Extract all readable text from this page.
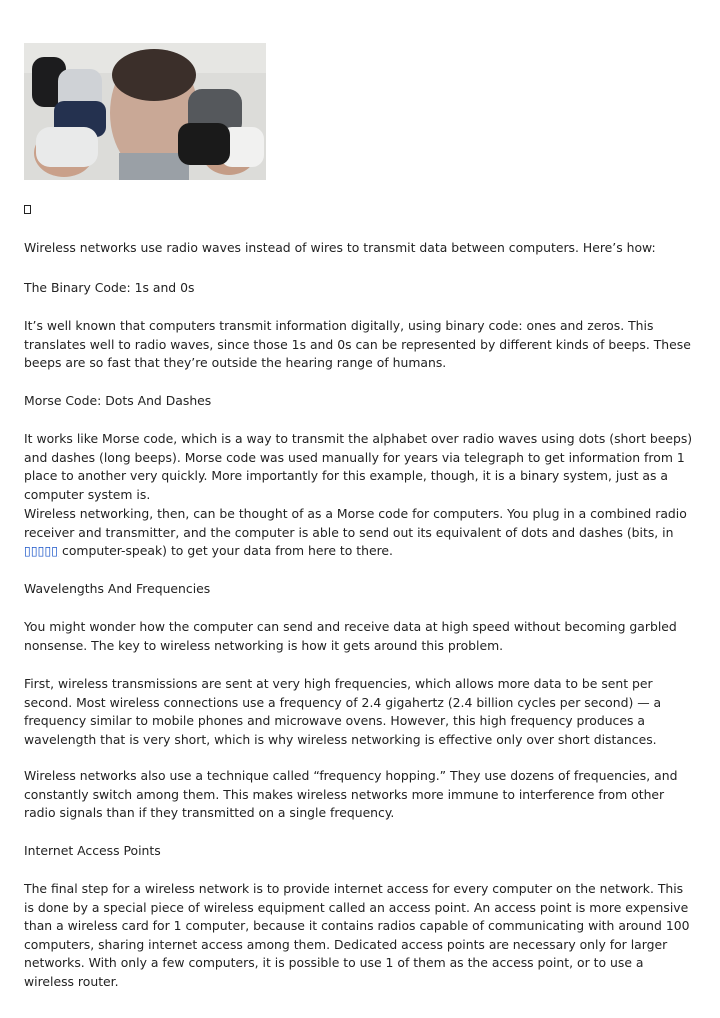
Wireless networks use radio waves instead of wires to transmit data between computers. Here’s how:

The Binary Code: 1s and 0s

It’s well known that computers transmit information digitally, using binary code: ones and zeros. This translates well to radio waves, since those 1s and 0s can be represented by different kinds of beeps. These beeps are so fast that they’re outside the hearing range of humans.

Morse Code: Dots And Dashes

It works like Morse code, which is a way to transmit the alphabet over radio waves using dots (short beeps) and dashes (long beeps). Morse code was used manually for years via telegraph to get information from 1 place to another very quickly. More importantly for this example, though, it is a binary system, just as a computer system is.

Wireless networking, then, can be thought of as a Morse code for computers. You plug in a combined radio receiver and transmitter, and the computer is able to send out its equivalent of dots and dashes (bits, in ▯▯▯▯▯ computer-speak) to get your data from here to there.

Wavelengths And Frequencies

You might wonder how the computer can send and receive data at high speed without becoming garbled nonsense. The key to wireless networking is how it gets around this problem.

First, wireless transmissions are sent at very high frequencies, which allows more data to be sent per second. Most wireless connections use a frequency of 2.4 gigahertz (2.4 billion cycles per second) — a frequency similar to mobile phones and microwave ovens. However, this high frequency produces a wavelength that is very short, which is why wireless networking is effective only over short distances.

Wireless networks also use a technique called “frequency hopping.” They use dozens of frequencies, and constantly switch among them. This makes wireless networks more immune to interference from other radio signals than if they transmitted on a single frequency.

Internet Access Points

The final step for a wireless network is to provide internet access for every computer on the network. This is done by a special piece of wireless equipment called an access point. An access point is more expensive than a wireless card for 1 computer, because it contains radios capable of communicating with around 100 computers, sharing internet access among them. Dedicated access points are necessary only for larger networks. With only a few computers, it is possible to use 1 of them as the access point, or to use a wireless router.
